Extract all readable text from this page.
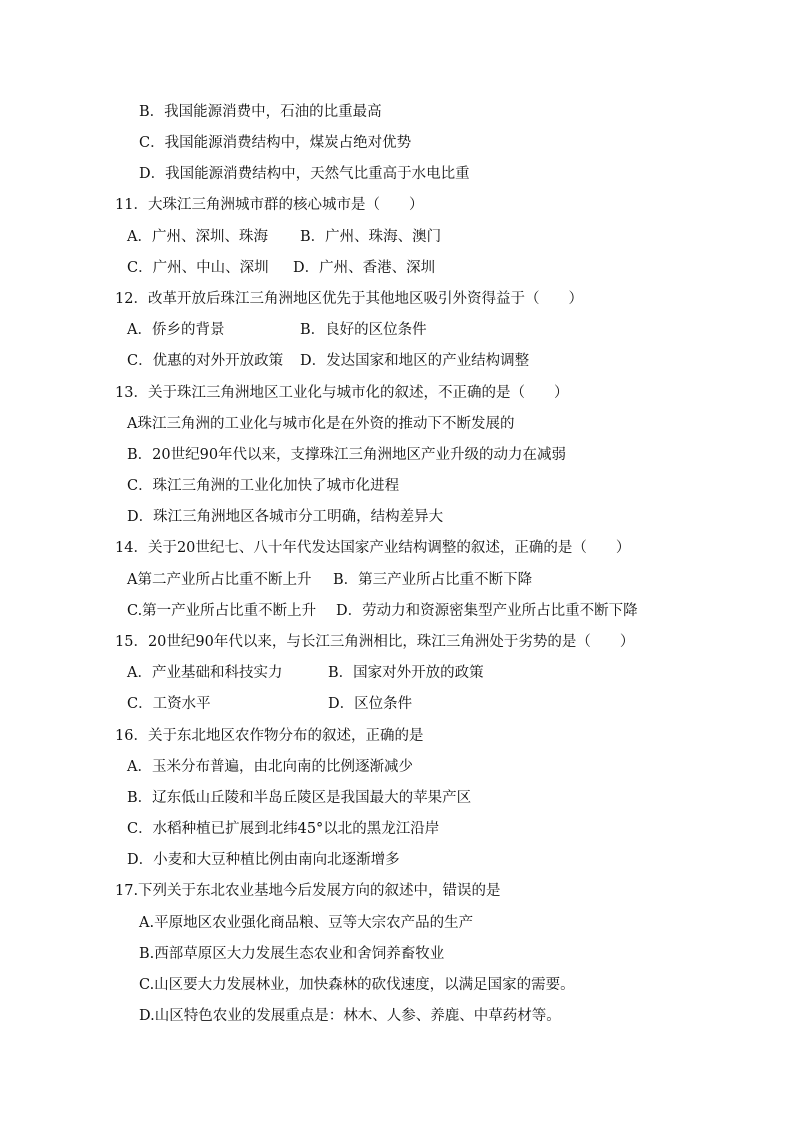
B．我国能源消费中，石油的比重最高
C．我国能源消费结构中，煤炭占绝对优势
D．我国能源消费结构中，天然气比重高于水电比重
11．大珠江三角洲城市群的核心城市是（　　）
A．广州、深圳、珠海 B．广州、珠海、澳门
C．广州、中山、深圳 D．广州、香港、深圳
12．改革开放后珠江三角洲地区优先于其他地区吸引外资得益于（　　）
A．侨乡的背景	B．良好的区位条件
C．优惠的对外开放政策 D．发达国家和地区的产业结构调整
13．关于珠江三角洲地区工业化与城市化的叙述，不正确的是（　　）
A珠江三角洲的工业化与城市化是在外资的推动下不断发展的
B．20世纪90年代以来，支撑珠江三角洲地区产业升级的动力在减弱
C．珠江三角洲的工业化加快了城市化进程
D．珠江三角洲地区各城市分工明确，结构差异大
14．关于20世纪七、八十年代发达国家产业结构调整的叙述，正确的是（　　）
A第二产业所占比重不断上升 B．第三产业所占比重不断下降
C.第一产业所占比重不断上升 D．劳动力和资源密集型产业所占比重不断下降
15．20世纪90年代以来，与长江三角洲相比，珠江三角洲处于劣势的是（　　）
A．产业基础和科技实力	B．国家对外开放的政策
C．工资水平	D．区位条件
16．关于东北地区农作物分布的叙述，正确的是
A．玉米分布普遍，由北向南的比例逐渐减少
B．辽东低山丘陵和半岛丘陵区是我国最大的苹果产区
C．水稻种植已扩展到北纬45°以北的黑龙江沿岸
D．小麦和大豆种植比例由南向北逐渐增多
17.下列关于东北农业基地今后发展方向的叙述中，错误的是
A.平原地区农业强化商品粮、豆等大宗农产品的生产
B.西部草原区大力发展生态农业和舍饲养畜牧业
C.山区要大力发展林业，加快森林的砍伐速度，以满足国家的需要。
D.山区特色农业的发展重点是：林木、人参、养鹿、中草药材等。
